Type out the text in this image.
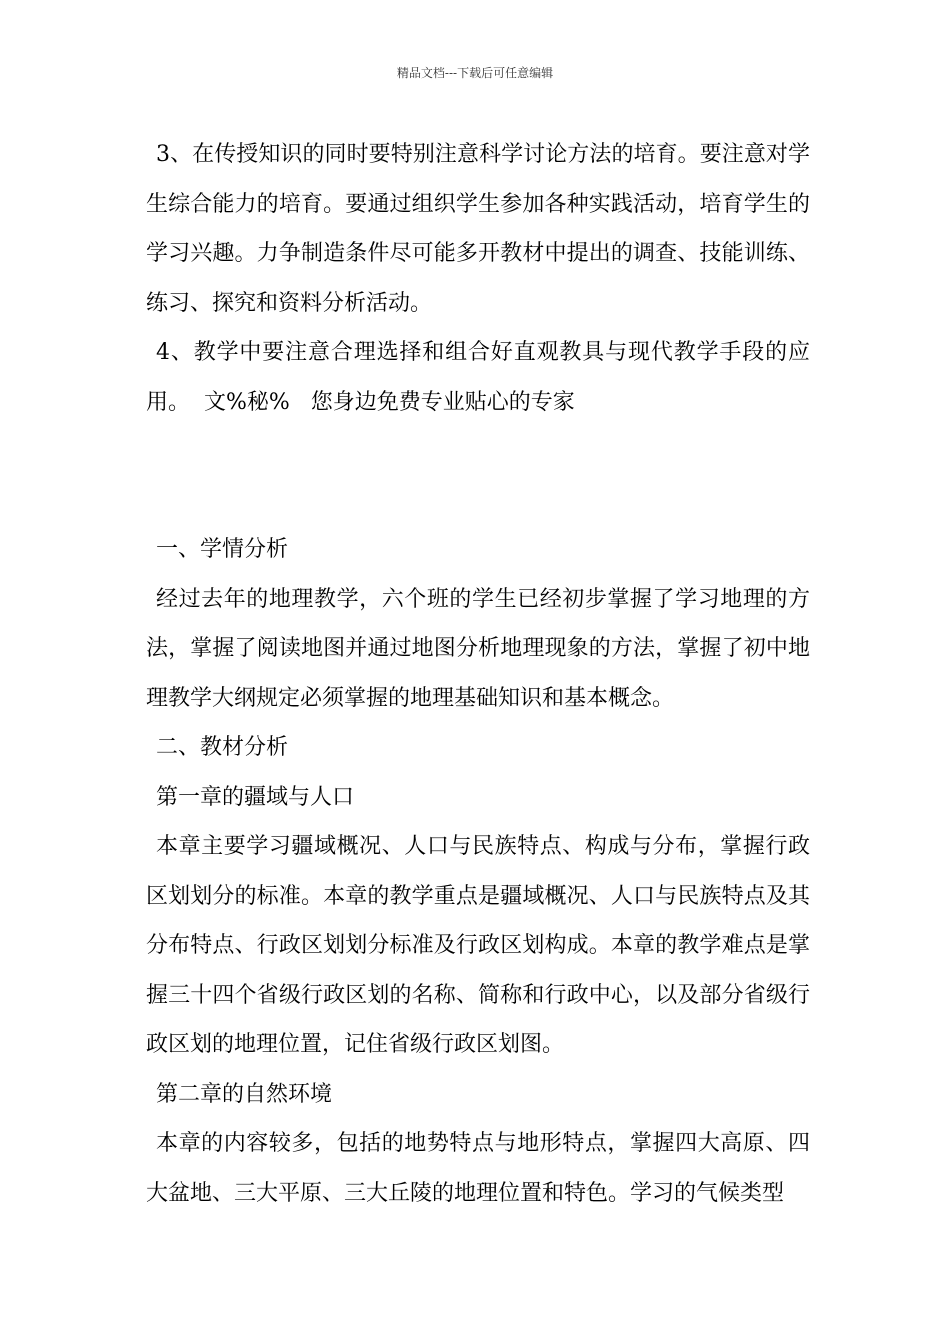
精品文档---下载后可任意编辑

3、在传授知识的同时要特别注意科学讨论方法的培育。要注意对学生综合能力的培育。要通过组织学生参加各种实践活动，培育学生的学习兴趣。力争制造条件尽可能多开教材中提出的调查、技能训练、练习、探究和资料分析活动。

4、教学中要注意合理选择和组合好直观教具与现代教学手段的应用。  文%秘%   您身边免费专业贴心的专家

一、学情分析

经过去年的地理教学，六个班的学生已经初步掌握了学习地理的方法，掌握了阅读地图并通过地图分析地理现象的方法，掌握了初中地理教学大纲规定必须掌握的地理基础知识和基本概念。

二、教材分析

第一章的疆域与人口

本章主要学习疆域概况、人口与民族特点、构成与分布，掌握行政区划划分的标准。本章的教学重点是疆域概况、人口与民族特点及其分布特点、行政区划划分标准及行政区划构成。本章的教学难点是掌握三十四个省级行政区划的名称、简称和行政中心，以及部分省级行政区划的地理位置，记住省级行政区划图。

第二章的自然环境

本章的内容较多，包括的地势特点与地形特点，掌握四大高原、四大盆地、三大平原、三大丘陵的地理位置和特色。学习的气候类型
